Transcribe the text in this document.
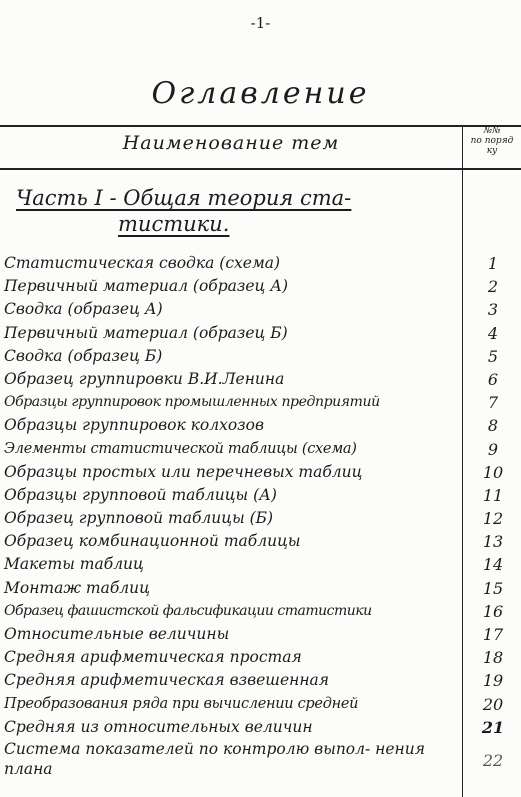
-1-
Оглавление
Наименование тем
№№
по поряд
ку
Часть I - Общая теория ста-
тистики.
Статистическая сводка (схема)	1
Первичный материал (образец А)	2
Сводка (образец А)	3
Первичный материал (образец Б)	4
Сводка (образец Б)	5
Образец группировки В.И.Ленина	6
Образцы группировок промышленных предприятий	7
Образцы группировок колхозов	8
Элементы статистической таблицы (схема)	9
Образцы простых или перечневых таблиц	10
Образцы групповой таблицы (А)	11
Образец групповой таблицы (Б)	12
Образец комбинационной таблицы	13
Макеты таблиц	14
Монтаж таблиц	15
Образец фашистской фальсификации статистики	16
Относительные величины	17
Средняя арифметическая простая	18
Средняя арифметическая взвешенная	19
Преобразования ряда при вычислении средней	20
Средняя из относительных величин	21
Система показателей по контролю выпол- нения плана	22
